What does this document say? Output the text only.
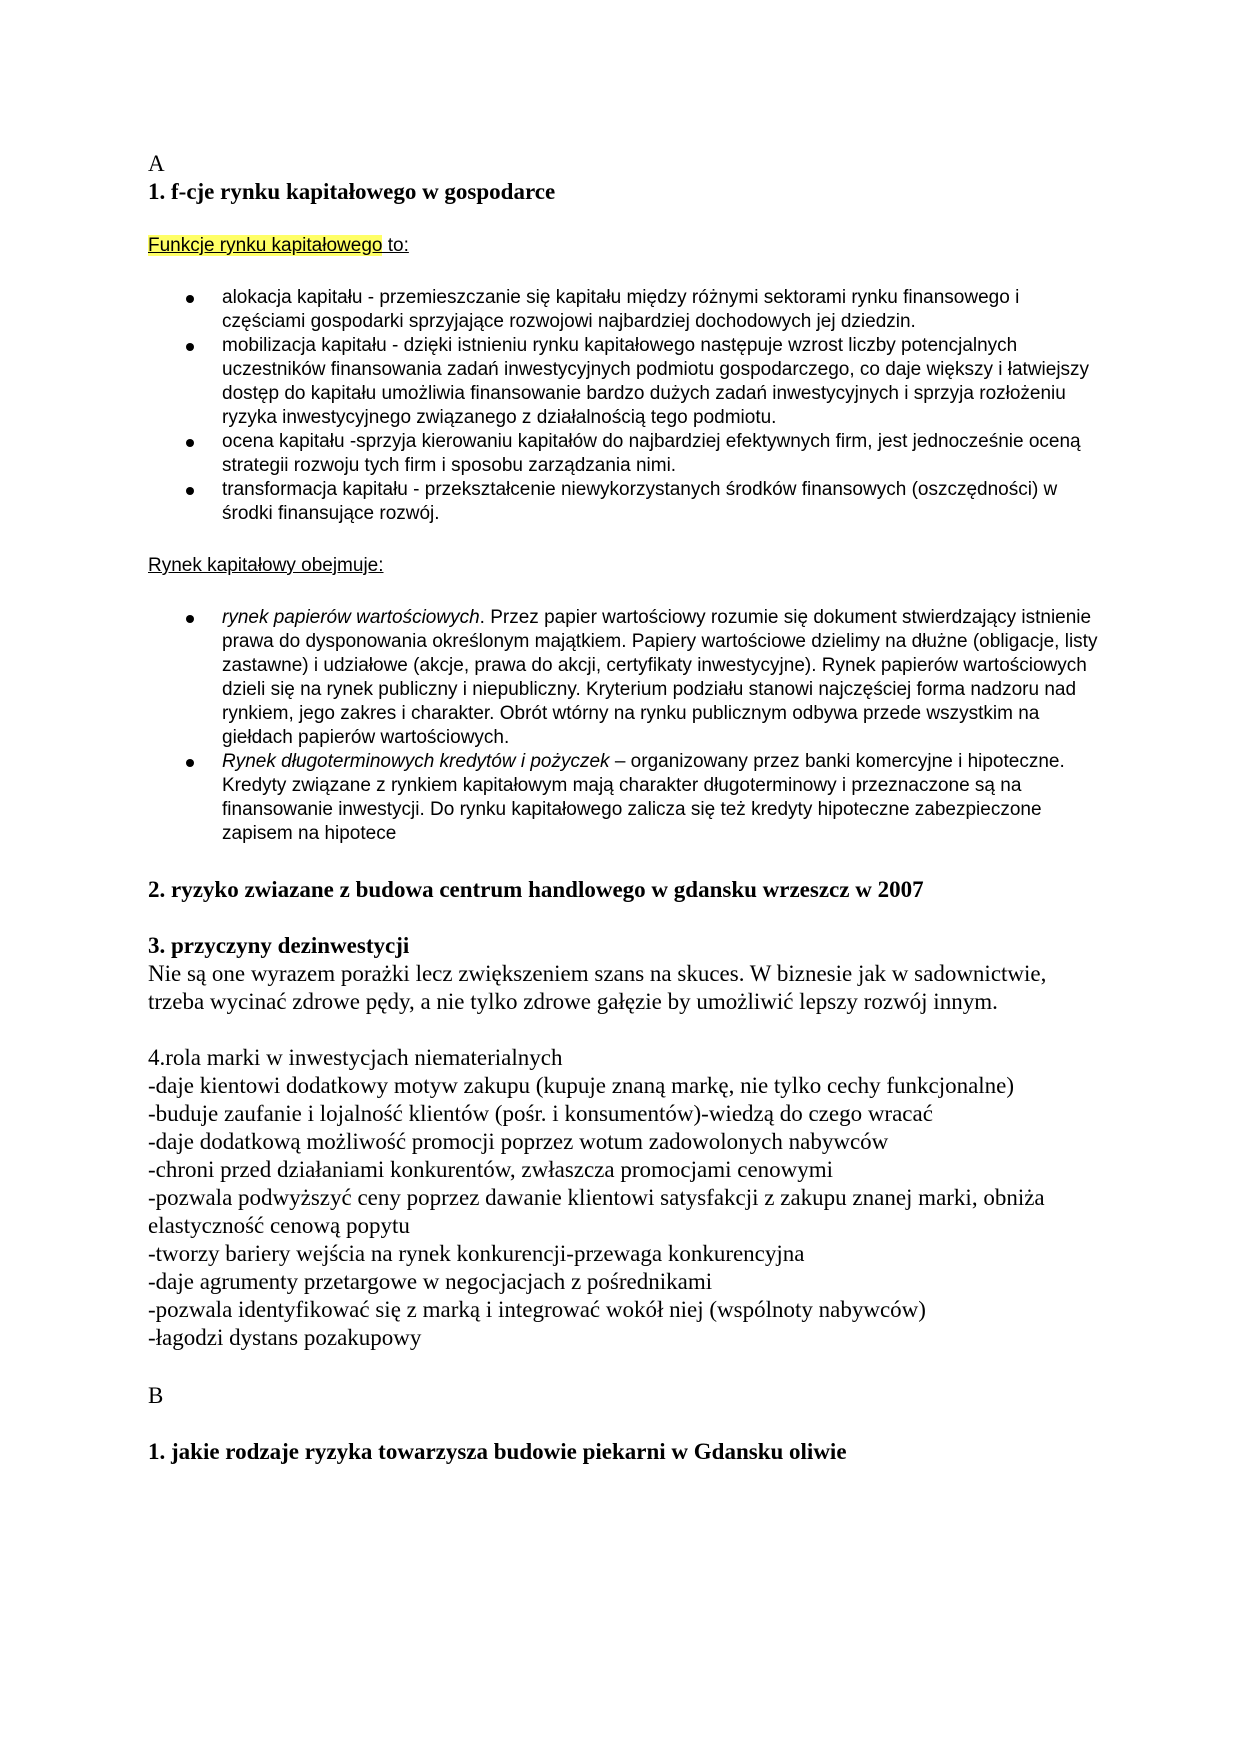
A

1. f-cje rynku kapitałowego w gospodarce

Funkcje rynku kapitałowego to:

alokacja kapitału - przemieszczanie się kapitału między różnymi sektorami rynku finansowego i częściami gospodarki sprzyjające rozwojowi najbardziej dochodowych jej dziedzin.
mobilizacja kapitału - dzięki istnieniu rynku kapitałowego następuje wzrost liczby potencjalnych uczestników finansowania zadań inwestycyjnych podmiotu gospodarczego, co daje większy i łatwiejszy dostęp do kapitału umożliwia finansowanie bardzo dużych zadań inwestycyjnych i sprzyja rozłożeniu ryzyka inwestycyjnego związanego z działalnością tego podmiotu.
ocena kapitału -sprzyja kierowaniu kapitałów do najbardziej efektywnych firm, jest jednocześnie oceną strategii rozwoju tych firm i sposobu zarządzania nimi.
transformacja kapitału - przekształcenie niewykorzystanych środków finansowych (oszczędności) w środki finansujące rozwój.

Rynek kapitałowy obejmuje:

rynek papierów wartościowych. Przez papier wartościowy rozumie się dokument stwierdzający istnienie prawa do dysponowania określonym majątkiem. Papiery wartościowe dzielimy na dłużne (obligacje, listy zastawne) i udziałowe (akcje, prawa do akcji, certyfikaty inwestycyjne). Rynek papierów wartościowych dzieli się na rynek publiczny i niepubliczny. Kryterium podziału stanowi najczęściej forma nadzoru nad rynkiem, jego zakres i charakter. Obrót wtórny na rynku publicznym odbywa przede wszystkim na giełdach papierów wartościowych.
Rynek długoterminowych kredytów i pożyczek – organizowany przez banki komercyjne i hipoteczne. Kredyty związane z rynkiem kapitałowym mają charakter długoterminowy i przeznaczone są na finansowanie inwestycji. Do rynku kapitałowego zalicza się też kredyty hipoteczne zabezpieczone zapisem na hipotece

2. ryzyko zwiazane z budowa centrum handlowego w gdansku wrzeszcz w 2007

3. przyczyny dezinwestycji

Nie są one wyrazem porażki lecz zwiększeniem szans na skuces. W biznesie jak w sadownictwie, trzeba wycinać zdrowe pędy, a nie tylko zdrowe gałęzie by umożliwić lepszy rozwój innym.

4.rola marki w inwestycjach niematerialnych

-daje kientowi dodatkowy motyw zakupu (kupuje znaną markę, nie tylko cechy funkcjonalne)

-buduje zaufanie i lojalność klientów (pośr. i konsumentów)-wiedzą do czego wracać

-daje dodatkową możliwość promocji poprzez wotum zadowolonych nabywców

-chroni przed działaniami konkurentów, zwłaszcza promocjami cenowymi

-pozwala podwyższyć ceny poprzez dawanie klientowi satysfakcji z zakupu znanej marki, obniża elastyczność cenową popytu

-tworzy bariery wejścia na rynek konkurencji-przewaga konkurencyjna

-daje agrumenty przetargowe w negocjacjach z pośrednikami

-pozwala identyfikować się z marką i integrować wokół niej (wspólnoty nabywców)

-łagodzi dystans pozakupowy

B

1. jakie rodzaje ryzyka towarzysza budowie piekarni w Gdansku oliwie
